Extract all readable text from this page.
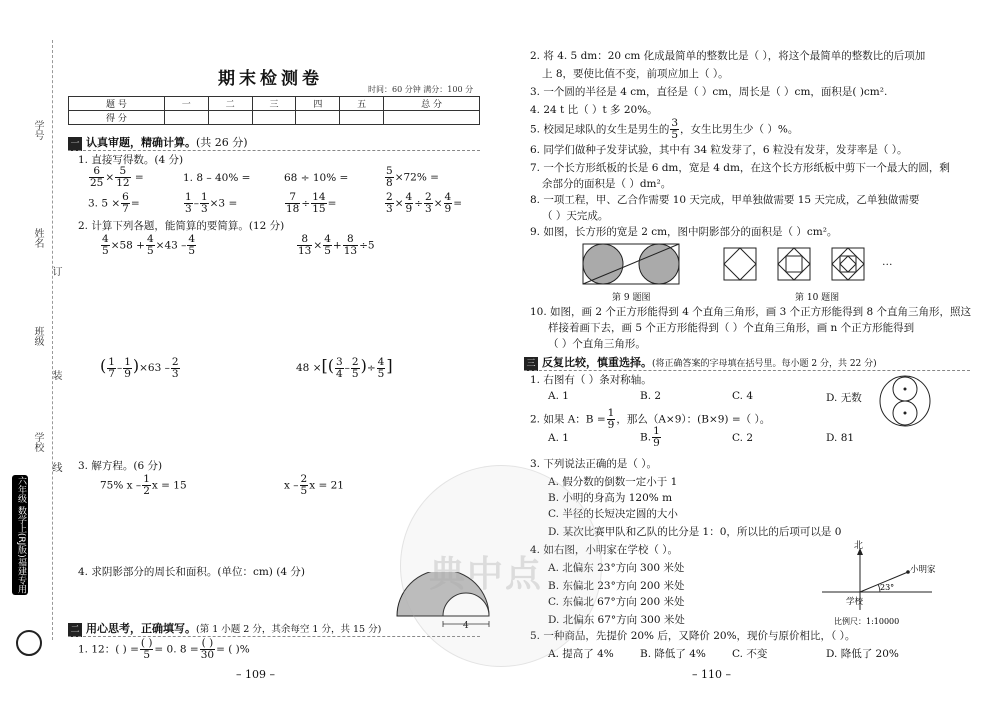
学号
姓名
班级
学校
订
装
线
六年级 数学上(RJ版)福建专用
期末检测卷
时间：60 分钟 满分：100 分
题 号	一	二	三	四	五	总 分
得 分						
一 认真审题，精确计算。(共 26 分)
1. 直接写得数。(4 分)
$\frac{6}{25} \times \frac{5}{12}$ =	1. 8 – 40% =	68 ÷ 10% =	$\frac{5}{8} \times 72\%$ =
3. $5 \times \frac{6}{7}$ =	$\frac{1}{3} - \frac{1}{3} \times 3$ =	$\frac{7}{18} \div \frac{14}{15}$ =	$\frac{2}{3} \times \frac{4}{9} \div \frac{2}{3} \times \frac{4}{9}$ =
2. 计算下列各题，能简算的要简算。(12 分)
$\frac{4}{5} \times 58 + \frac{4}{5} \times 43 - \frac{4}{5}$	$\frac{8}{13} \times \frac{4}{5} + \frac{8}{13} \div 5$
( $\frac{1}{7} - \frac{1}{9} )\times 63 - \frac{2}{3}$	48 ×[( $\frac{3}{4} - \frac{2}{5}$ )÷ $\frac{4}{5}$ ]
3. 解方程。(6 分)
75% x – $\frac{1}{2}$ x = 15	x – $\frac{2}{5}$ x = 21
4. 求阴影部分的周长和面积。(单位：cm) (4 分)
4
二 用心思考，正确填写。(第 1 小题 2 分，其余每空 1 分，共 15 分)
1. 12：( ) = $\frac{( )}{5} = 0$. $8 = \frac{( )}{30}$ = ( )%
– 109 –
2. 将 4. 5 dm：20 cm 化成最简单的整数比是（ ），将这个最简单的整数比的后项加
上 8，要使比值不变，前项应加上（ ）。
3. 一个圆的半径是 4 cm，直径是（ ）cm，周长是（ ）cm，面积是( )cm².
4. 24 t 比（ ）t 多 20%。
5. 校园足球队的女生是男生的 $\frac{3}{5}$ ，女生比男生少（ ）%。
6. 同学们做种子发芽试验，其中有 34 粒发芽了，6 粒没有发芽，发芽率是（ ）。
7. 一个长方形纸板的长是 6 dm，宽是 4 dm，在这个长方形纸板中剪下一个最大的圆，剩
余部分的面积是（ ）dm²。
8. 一项工程，甲、乙合作需要 10 天完成，甲单独做需要 15 天完成，乙单独做需要
（ ）天完成。
9. 如图，长方形的宽是 2 cm，图中阴影部分的面积是（ ）cm²。
第 9 题图
…
第 10 题图
10. 如图，画 2 个正方形能得到 4 个直角三角形，画 3 个正方形能得到 8 个直角三角形，照这
样接着画下去，画 5 个正方形能得到（ ）个直角三角形，画 n 个正方形能得到
（ ）个直角三角形。
三 反复比较，慎重选择。(将正确答案的字母填在括号里。每小题 2 分，共 22 分)
1. 右图有（ ）条对称轴。
A. 1	B. 2	C. 4	D. 无数
2. 如果 A：$B = \frac{1}{9}$ ，那么（A×9）：(B×9) =（ ）。
A. 1	B. $\frac{1}{9}$	C. 2	D. 81
3. 下列说法正确的是（ ）。
A. 假分数的倒数一定小于 1
B. 小明的身高为 120% m
C. 半径的长短决定圆的大小
D. 某次比赛甲队和乙队的比分是 1：0，所以比的后项可以是 0
4. 如右图，小明家在学校（ ）。
A. 北偏东 23°方向 300 米处
B. 东偏北 23°方向 200 米处
C. 东偏北 67°方向 200 米处
D. 北偏东 67°方向 300 米处
北
小明家
学校
23°
比例尺：1:10000
5. 一种商品，先提价 20% 后，又降价 20%，现价与原价相比，（ ）。
A. 提高了 4% B. 降低了 4% C. 不变	D. 降低了 20%
– 110 –
典中点
